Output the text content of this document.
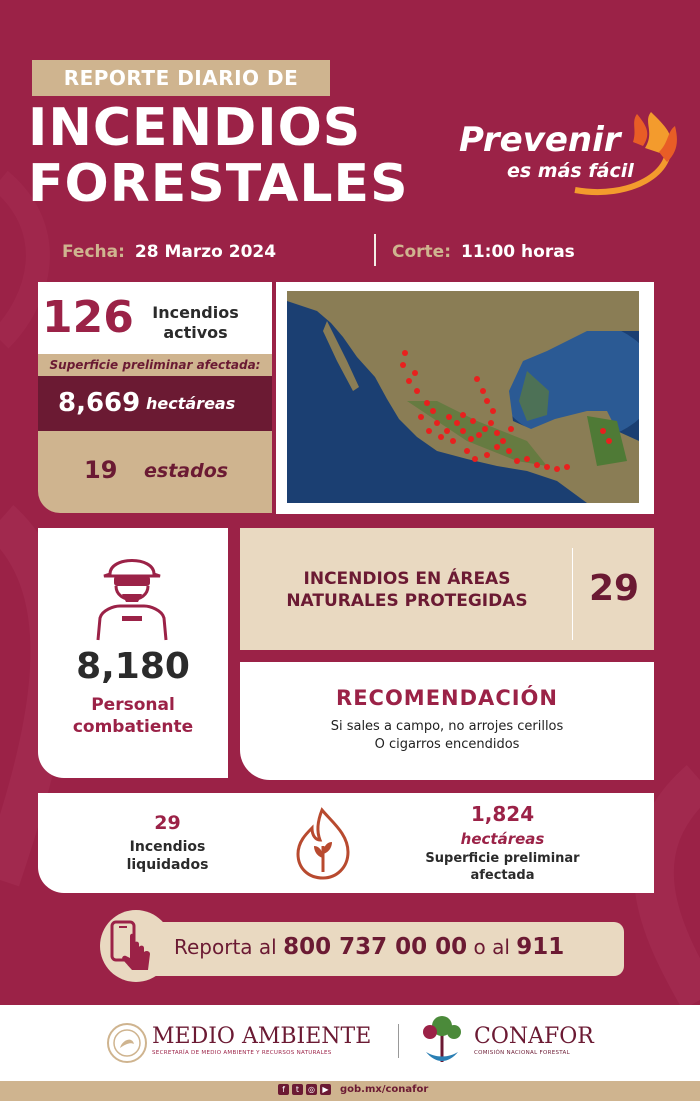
REPORTE DIARIO DE
INCENDIOS
FORESTALES
Prevenir
es más fácil
Fecha: 28 Marzo 2024	Corte: 11:00 horas
126 Incendios
activos
Superficie preliminar afectada:
8,669 hectáreas
19 estados
8,180
Personal
combatiente
INCENDIOS EN ÁREAS
NATURALES PROTEGIDAS	29
RECOMENDACIÓN
Si sales a campo, no arrojes cerillos
O cigarros encendidos
29
Incendios
liquidados
1,824
hectáreas
Superficie preliminar
afectada
Reporta al 800 737 00 00 o al 911
MEDIO AMBIENTE
SECRETARÍA DE MEDIO AMBIENTE Y RECURSOS NATURALES
CONAFOR
COMISIÓN NACIONAL FORESTAL
f	t	◎ ▶ gob.mx/conafor
